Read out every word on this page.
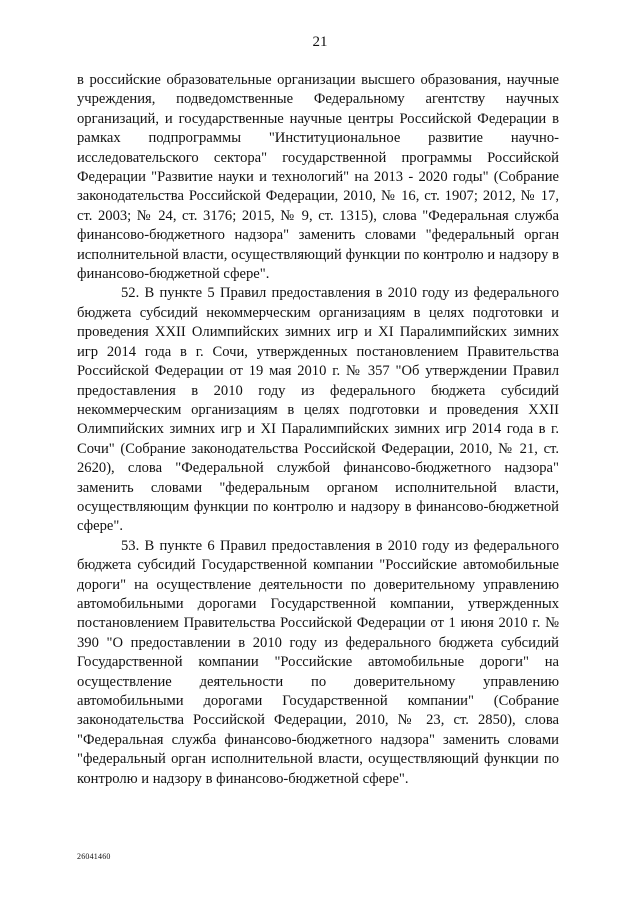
21

в российские образовательные организации высшего образования, научные учреждения, подведомственные Федеральному агентству научных организаций, и государственные научные центры Российской Федерации в рамках подпрограммы "Институциональное развитие научно-исследовательского сектора" государственной программы Российской Федерации "Развитие науки и технологий" на 2013 - 2020 годы" (Собрание законодательства Российской Федерации, 2010, № 16, ст. 1907; 2012, № 17, ст. 2003; № 24, ст. 3176; 2015, № 9, ст. 1315), слова "Федеральная служба финансово-бюджетного надзора" заменить словами "федеральный орган исполнительной власти, осуществляющий функции по контролю и надзору в финансово-бюджетной сфере".

52. В пункте 5 Правил предоставления в 2010 году из федерального бюджета субсидий некоммерческим организациям в целях подготовки и проведения XXII Олимпийских зимних игр и XI Паралимпийских зимних игр 2014 года в г. Сочи, утвержденных постановлением Правительства Российской Федерации от 19 мая 2010 г. № 357 "Об утверждении Правил предоставления в 2010 году из федерального бюджета субсидий некоммерческим организациям в целях подготовки и проведения XXII Олимпийских зимних игр и XI Паралимпийских зимних игр 2014 года в г. Сочи" (Собрание законодательства Российской Федерации, 2010, № 21, ст. 2620), слова "Федеральной службой финансово-бюджетного надзора" заменить словами "федеральным органом исполнительной власти, осуществляющим функции по контролю и надзору в финансово-бюджетной сфере".

53. В пункте 6 Правил предоставления в 2010 году из федерального бюджета субсидий Государственной компании "Российские автомобильные дороги" на осуществление деятельности по доверительному управлению автомобильными дорогами Государственной компании, утвержденных постановлением Правительства Российской Федерации от 1 июня 2010 г. № 390 "О предоставлении в 2010 году из федерального бюджета субсидий Государственной компании "Российские автомобильные дороги" на осуществление деятельности по доверительному управлению автомобильными дорогами Государственной компании" (Собрание законодательства Российской Федерации, 2010, № 23, ст. 2850), слова "Федеральная служба финансово-бюджетного надзора" заменить словами "федеральный орган исполнительной власти, осуществляющий функции по контролю и надзору в финансово-бюджетной сфере".

26041460
